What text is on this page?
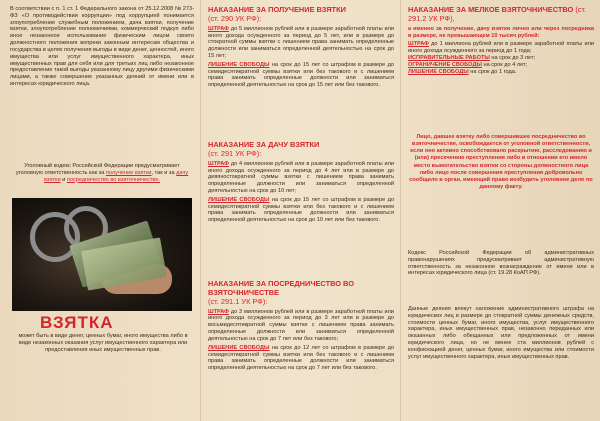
В соответствии с п. 1 ст. 1 Федерального закона от 25.12.2008 № 273-ФЗ «О противодействии коррупции» под коррупцией понимается злоупотребление служебным положением, дача взятки, получение взятки, злоупотребление полномочиями, коммерческий подкуп либо иное незаконное использование физическим лицом своего должностного положения вопреки законным интересам общества и государства в целях получения выгоды в виде денег, ценностей, иного имущества или услуг имущественного характера, иных имущественных прав для себя или для третьих лиц либо незаконное предоставление такой выгоды указанному лицу другими физическими лицами, а также совершение указанных деяний от имени или в интересах юридического лица.

Уголовный кодекс Российской Федерации предусматривает уголовную ответственность как за получение взятки, так и за дачу взятки и посредничество во взяточничестве.

ВЗЯТКА

может быть в виде денег, ценных бумаг, иного имущества либо в виде незаконных оказания услуг имущественного характера или предоставления иных имущественных прав.

НАКАЗАНИЕ ЗА ПОЛУЧЕНИЕ ВЗЯТКИ
(ст. 290 УК РФ):

ШТРАФ до 5 миллионов рублей или в размере заработной платы или иного дохода осужденного за период до 5 лет, или в размере до стократной суммы взятки с лишением права занимать определенные должности или заниматься определенной деятельностью на срок до 15 лет;

ЛИШЕНИЕ СВОБОДЫ на срок до 15 лет со штрафом в размере до семидесятикратной суммы взятки или без такового и с лишением права занимать определенные должности или заниматься определенной деятельностью на срок до 15 лет или без такового.

НАКАЗАНИЕ ЗА ДАЧУ ВЗЯТКИ
(ст. 291 УК РФ):

ШТРАФ до 4 миллионов рублей или в размере заработной платы или иного дохода осужденного за период до 4 лет или в размере до девяностократной суммы взятки с лишением права занимать определенные должности или заниматься определенной деятельностью на срок до 10 лет;

ЛИШЕНИЕ СВОБОДЫ на срок до 15 лет со штрафом в размере до семидесятикратной суммы взятки или без такового и с лишением права занимать определенные должности или заниматься определенной деятельностью на срок до 10 лет или без такового.

НАКАЗАНИЕ ЗА ПОСРЕДНИЧЕСТВО ВО ВЗЯТОЧНИЧЕСТВЕ
(ст. 291.1 УК РФ):

ШТРАФ до 3 миллионов рублей или в размере заработной платы или иного дохода осужденного за период до 3 лет или в размере до восьмидесятикратной суммы взятки с лишением права занимать определенные должности или заниматься определенной деятельностью на срок до 7 лет или без такового;

ЛИШЕНИЕ СВОБОДЫ на срок до 12 лет со штрафом в размере до семидесятикратной суммы взятки или без такового и с лишением права занимать определенные должности или заниматься определенной деятельностью на срок до 7 лет или без такового.

НАКАЗАНИЕ ЗА МЕЛКОЕ ВЗЯТОЧНИЧЕСТВО (ст. 291.2 УК РФ),

а именно за получение, дачу взятки лично или через посредника в размере, не превышающем 10 тысяч рублей:

ШТРАФ до 1 миллиона рублей или в размере заработной платы или иного дохода осужденного за период до 1 года;

ИСПРАВИТЕЛЬНЫЕ РАБОТЫ на срок до 3 лет;

ОГРАНИЧЕНИЕ СВОБОДЫ на срок до 4 лет;

ЛИШЕНИЕ СВОБОДЫ на срок до 1 года.

Лицо, давшее взятку либо совершившее посредничество во взяточничестве, освобождается от уголовной ответственности, если оно активно способствовало раскрытию, расследованию и (или) пресечению преступления либо в отношении его имело место вымогательство взятки со стороны должностного лица либо лицо после совершения преступления добровольно сообщило в орган, имеющий право возбудить уголовное дело по данному факту.

Кодекс Российской Федерации об административных правонарушениях предусматривает административную ответственность за незаконное вознаграждение от имени или в интересах юридического лица (ст. 19.28 КоАП РФ).

Данные деяния влекут наложение административного штрафа на юридических лиц в размере до стократной суммы денежных средств, стоимости ценных бумаг, иного имущества, услуг имущественного характера, иных имущественных прав, незаконно переданных или оказанных либо обещанных или предложенных от имени юридического лица, но не менее ста миллионов рублей с конфискацией денег, ценных бумаг, иного имущества или стоимости услуг имущественного характера, иных имущественных прав.
